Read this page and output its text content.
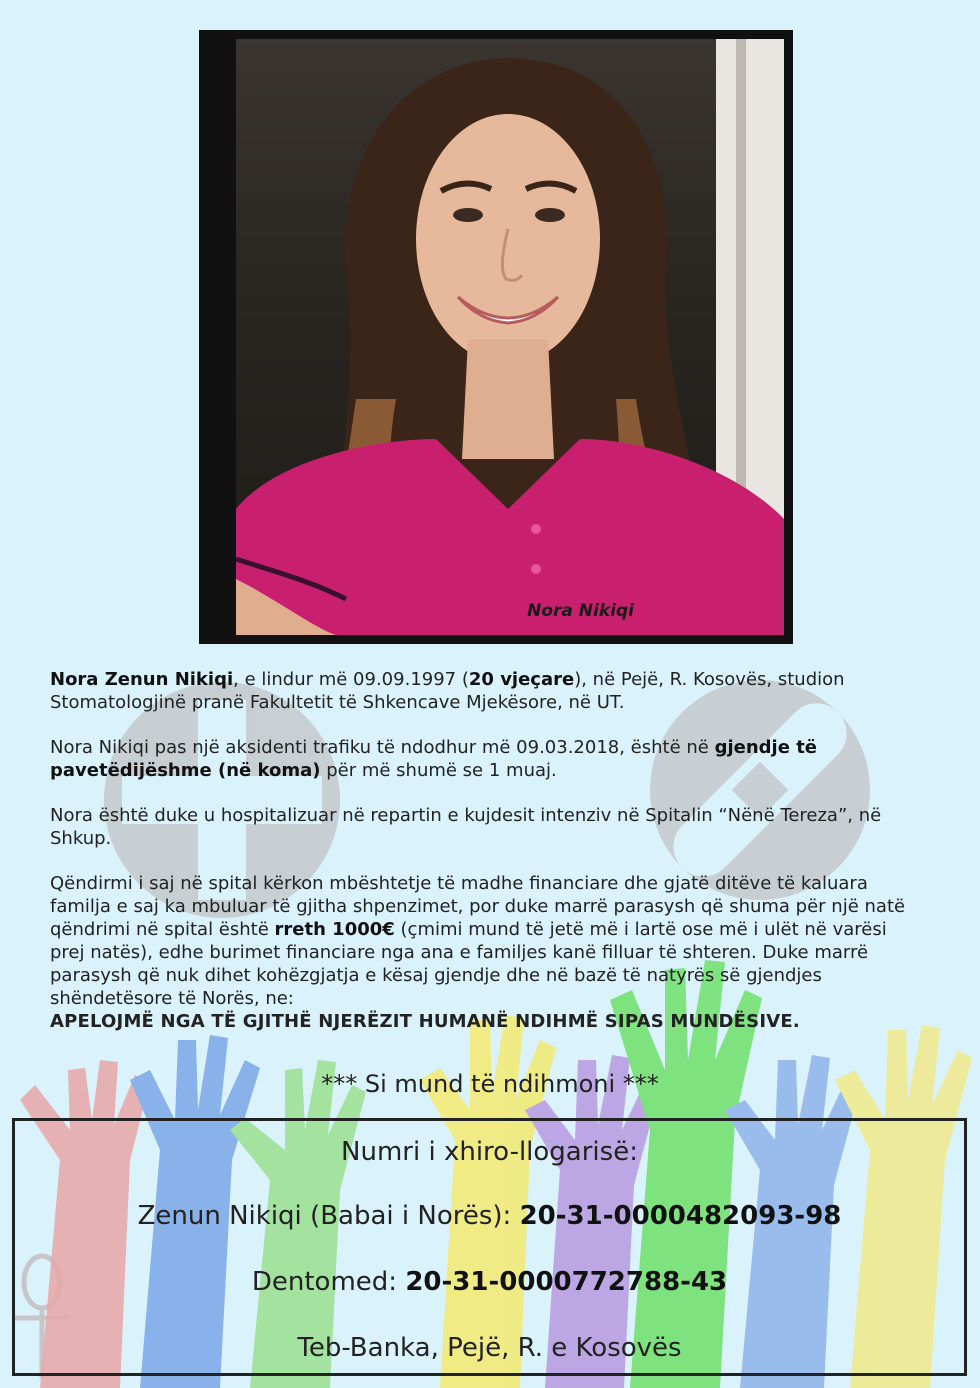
Nora Nikiqi

Nora Zenun Nikiqi, e lindur më 09.09.1997 (20 vjeçare), në Pejë, R. Kosovës, studion Stomatologjinë pranë Fakultetit të Shkencave Mjekësore, në UT.

Nora Nikiqi pas një aksidenti trafiku të ndodhur më 09.03.2018, është në gjendje të pavetëdijëshme (në koma) për më shumë se 1 muaj.

Nora është duke u hospitalizuar në repartin e kujdesit intenziv në Spitalin “Nënë Tereza”, në Shkup.

Qëndirmi i saj në spital kërkon mbështetje të madhe financiare dhe gjatë ditëve të kaluara familja e saj ka mbuluar të gjitha shpenzimet, por duke marrë parasysh që shuma për një natë qëndrimi në spital është rreth 1000€ (çmimi mund të jetë më i lartë ose më i ulët në varësi prej natës), edhe burimet financiare nga ana e familjes kanë filluar të shteren. Duke marrë parasysh që nuk dihet kohëzgjatja e kësaj gjendje dhe në bazë të natyrës së gjendjes shëndetësore të Norës, ne:
APELOJMË NGA TË GJITHË NJERËZIT HUMANË NDIHMË SIPAS MUNDËSIVE.

*** Si mund të ndihmoni ***
Numri i xhiro-llogarisë:
Zenun Nikiqi (Babai i Norës): 20-31-0000482093-98
Dentomed: 20-31-0000772788-43
Teb-Banka, Pejë, R. e Kosovës
